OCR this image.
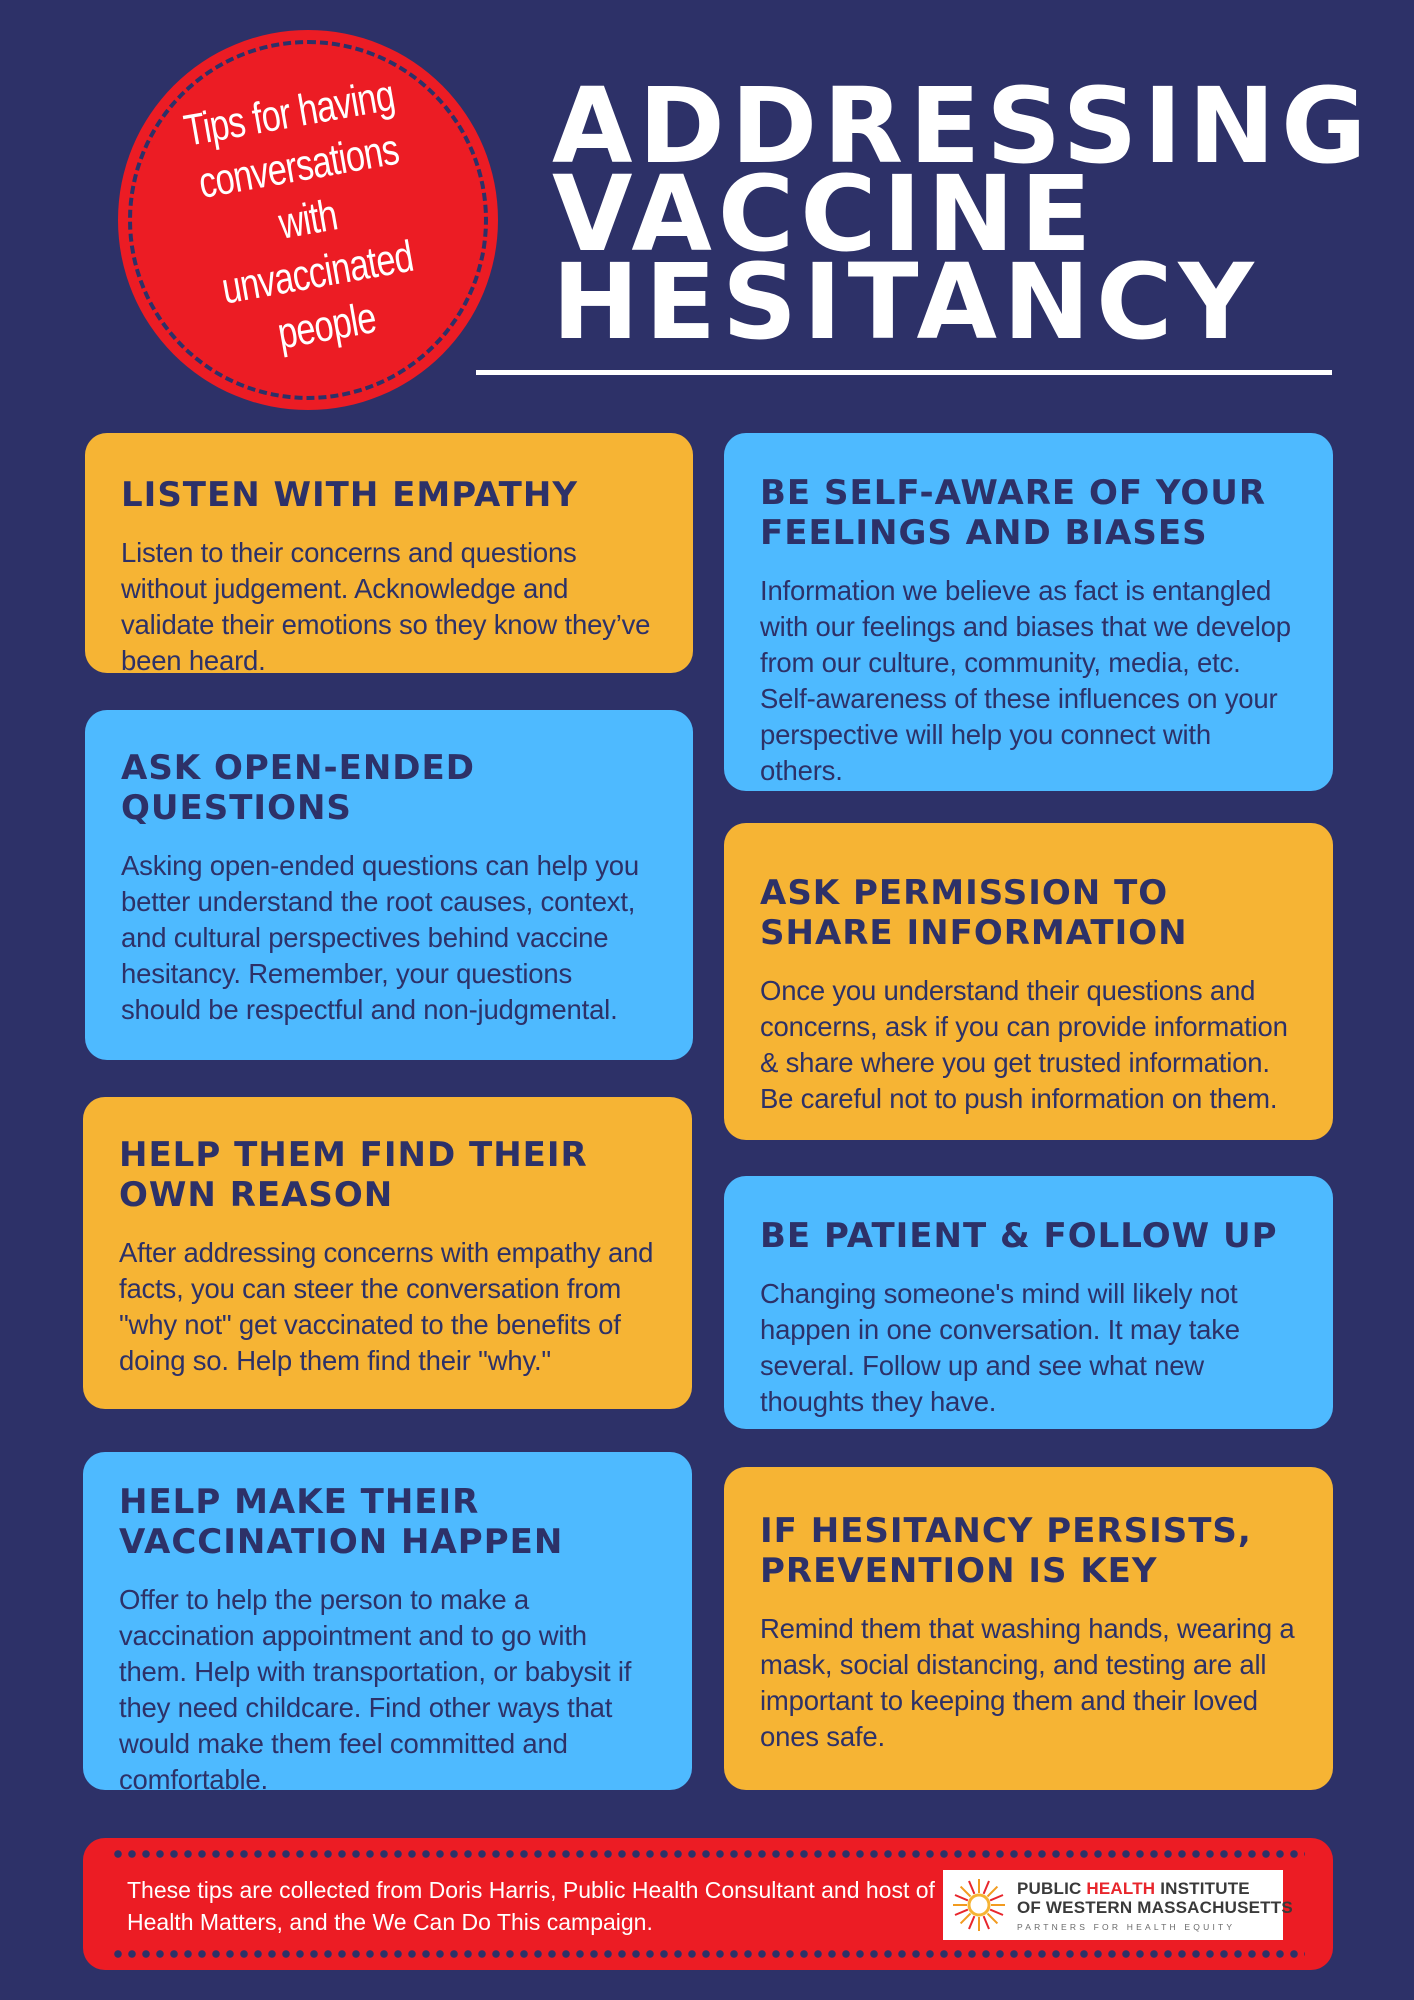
Tips for having conversations with unvaccinated people
ADDRESSING
VACCINE
HESITANCY
LISTEN WITH EMPATHY

Listen to their concerns and questions without judgement. Acknowledge and validate their emotions so they know they’ve been heard.

ASK OPEN-ENDED QUESTIONS

Asking open-ended questions can help you better understand the root causes, context, and cultural perspectives behind vaccine hesitancy. Remember, your questions should be respectful and non-judgmental.

HELP THEM FIND THEIR OWN REASON

After addressing concerns with empathy and facts, you can steer the conversation from "why not" get vaccinated to the benefits of doing so. Help them find their "why."

HELP MAKE THEIR VACCINATION HAPPEN

Offer to help the person to make a vaccination appointment and to go with them. Help with transportation, or babysit if they need childcare. Find other ways that would make them feel committed and comfortable.

BE SELF-AWARE OF YOUR FEELINGS AND BIASES

Information we believe as fact is entangled with our feelings and biases that we develop from our culture, community, media, etc. Self-awareness of these influences on your perspective will help you connect with others.

ASK PERMISSION TO SHARE INFORMATION

Once you understand their questions and concerns, ask if you can provide information & share where you get trusted information. Be careful not to push information on them.

BE PATIENT & FOLLOW UP

Changing someone's mind will likely not happen in one conversation. It may take several. Follow up and see what new thoughts they have.

IF HESITANCY PERSISTS, PREVENTION IS KEY

Remind them that washing hands, wearing a mask, social distancing, and testing are all important to keeping them and their loved ones safe.

These tips are collected from Doris Harris, Public Health Consultant and host of Health Matters, and the We Can Do This campaign.
PUBLIC HEALTH INSTITUTE
OF WESTERN MASSACHUSETTS
PARTNERS FOR HEALTH EQUITY
